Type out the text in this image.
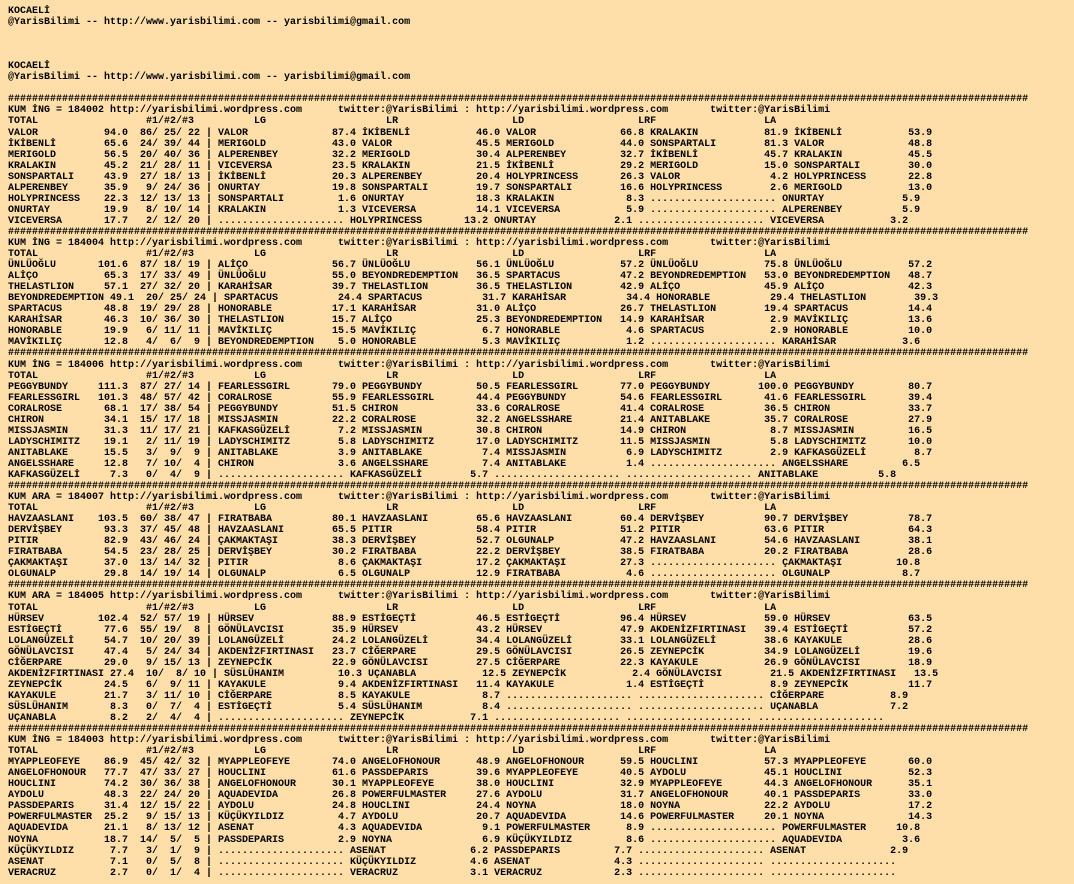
KOCAELİ
@YarisBilimi -- http://www.yarisbilimi.com -- yarisbilimi@gmail.com

KOCAELİ
@YarisBilimi -- http://www.yarisbilimi.com -- yarisbilimi@gmail.com

##########################################################################################################################################################################
KUM İNG = 184002 http://yarisbilimi.wordpress.com      twitter:@YarisBilimi : http://yarisbilimi.wordpress.com       twitter:@YarisBilimi
TOTAL                  #1/#2/#3          LG                    LR                   LD                   LRF                  LA
VALOR           94.0  86/ 25/ 22 | VALOR              87.4 İKİBENLİ           46.0 VALOR              66.8 KRALAKIN           81.9 İKİBENLİ           53.9
İKİBENLİ        65.6  24/ 39/ 44 | MERIGOLD           43.0 VALOR              45.5 MERIGOLD           44.0 SONSPARTALI        81.3 VALOR              48.8
MERIGOLD        56.5  20/ 40/ 36 | ALPERENBEY         32.2 MERIGOLD           30.4 ALPERENBEY         32.7 İKİBENLİ           45.7 KRALAKIN           45.5
KRALAKIN        45.2  21/ 28/ 11 | VICEVERSA          23.5 KRALAKIN           21.5 İKİBENLİ           29.2 MERIGOLD           15.0 SONSPARTALI        30.0
SONSPARTALI     43.9  27/ 18/ 13 | İKİBENLİ           20.3 ALPERENBEY         20.4 HOLYPRINCESS       26.3 VALOR               4.2 HOLYPRINCESS       22.8
ALPERENBEY      35.9   9/ 24/ 36 | ONURTAY            19.8 SONSPARTALI        19.7 SONSPARTALI        16.6 HOLYPRINCESS        2.6 MERIGOLD           13.0
HOLYPRINCESS    22.3  12/ 13/ 13 | SONSPARTALI         1.6 ONURTAY            18.3 KRALAKIN            8.3 ..................... ONURTAY             5.9
ONURTAY         19.9   8/ 10/ 14 | KRALAKIN            1.3 VICEVERSA          14.1 VICEVERSA           5.9 ..................... ALPERENBEY          5.9
VICEVERSA       17.7   2/ 12/ 20 | ..................... HOLYPRINCESS       13.2 ONURTAY             2.1 ..................... VICEVERSA           3.2
##########################################################################################################################################################################
KUM İNG = 184004 http://yarisbilimi.wordpress.com      twitter:@YarisBilimi : http://yarisbilimi.wordpress.com       twitter:@YarisBilimi
TOTAL                  #1/#2/#3          LG                    LR                   LD                   LRF                  LA
ÜNLÜOĞLU       101.6  87/ 18/ 19 | ALİÇO              56.7 ÜNLÜOĞLU           56.1 ÜNLÜOĞLU           57.2 ÜNLÜOĞLU           75.8 ÜNLÜOĞLU           57.2
ALİÇO           65.3  17/ 33/ 49 | ÜNLÜOĞLU           55.0 BEYONDREDEMPTION   36.5 SPARTACUS          47.2 BEYONDREDEMPTION   53.0 BEYONDREDEMPTION   48.7
THELASTLION     57.1  27/ 32/ 20 | KARAHİSAR          39.7 THELASTLION        36.5 THELASTLION        42.9 ALİÇO              45.9 ALİÇO              42.3
BEYONDREDEMPTION 49.1  20/ 25/ 24 | SPARTACUS          24.4 SPARTACUS          31.7 KARAHİSAR          34.4 HONORABLE          29.4 THELASTLION        39.3
SPARTACUS       48.8  19/ 29/ 28 | HONORABLE          17.1 KARAHİSAR          31.0 ALİÇO              26.7 THELASTLION        19.4 SPARTACUS          14.4
KARAHİSAR       46.3  10/ 36/ 30 | THELASTLION        15.7 ALİÇO              25.3 BEYONDREDEMPTION   14.9 KARAHİSAR           2.9 MAVİKILIÇ          13.6
HONORABLE       19.9   6/ 11/ 11 | MAVİKILIÇ          15.5 MAVİKILIÇ           6.7 HONORABLE           4.6 SPARTACUS           2.9 HONORABLE          10.0
MAVİKILIÇ       12.8   4/  6/  9 | BEYONDREDEMPTION    5.0 HONORABLE           5.3 MAVİKILIÇ           1.2 ..................... KARAHİSAR           3.6
##########################################################################################################################################################################
KUM İNG = 184006 http://yarisbilimi.wordpress.com      twitter:@YarisBilimi : http://yarisbilimi.wordpress.com       twitter:@YarisBilimi
TOTAL                  #1/#2/#3          LG                    LR                   LD                   LRF                  LA
PEGGYBUNDY     111.3  87/ 27/ 14 | FEARLESSGIRL       79.0 PEGGYBUNDY         50.5 FEARLESSGIRL       77.0 PEGGYBUNDY        100.0 PEGGYBUNDY         80.7
FEARLESSGIRL   101.3  48/ 57/ 42 | CORALROSE          55.9 FEARLESSGIRL       44.4 PEGGYBUNDY         54.6 FEARLESSGIRL       41.6 FEARLESSGIRL       39.4
CORALROSE       68.1  17/ 38/ 54 | PEGGYBUNDY         51.5 CHIRON             33.6 CORALROSE          41.4 CORALROSE          36.5 CHIRON             33.7
CHIRON          34.1  15/ 17/ 18 | MISSJASMIN         22.2 CORALROSE          32.2 ANGELSSHARE        21.4 ANITABLAKE         35.7 CORALROSE          27.9
MISSJASMIN      31.3  11/ 17/ 21 | KAFKASGÜZELİ        7.2 MISSJASMIN         30.8 CHIRON             14.9 CHIRON              8.7 MISSJASMIN         16.5
LADYSCHIMITZ    19.1   2/ 11/ 19 | LADYSCHIMITZ        5.8 LADYSCHIMITZ       17.0 LADYSCHIMITZ       11.5 MISSJASMIN          5.8 LADYSCHIMITZ       10.0
ANITABLAKE      15.5   3/  9/  9 | ANITABLAKE          3.9 ANITABLAKE          7.4 MISSJASMIN          6.9 LADYSCHIMITZ        2.9 KAFKASGÜZELİ        8.7
ANGELSSHARE     12.8   7/ 10/  4 | CHIRON              3.6 ANGELSSHARE         7.4 ANITABLAKE          1.4 ..................... ANGELSSHARE         6.5
KAFKASGÜZELİ     7.3   0/  4/  9 | ..................... KAFKASGÜZELİ        5.7 ..................... ..................... ANITABLAKE          5.8
##########################################################################################################################################################################
KUM ARA = 184007 http://yarisbilimi.wordpress.com      twitter:@YarisBilimi : http://yarisbilimi.wordpress.com       twitter:@YarisBilimi
TOTAL                  #1/#2/#3          LG                    LR                   LD                   LRF                  LA
HAVZAASLANI    103.5  60/ 38/ 47 | FIRATBABA          80.1 HAVZAASLANI        65.6 HAVZAASLANI        60.4 DERVİŞBEY          90.7 DERVİŞBEY          78.7
DERVİŞBEY       93.3  37/ 45/ 48 | HAVZAASLANI        65.5 PITIR              58.4 PITIR              51.2 PITIR              63.6 PITIR              64.3
PITIR           82.9  43/ 46/ 24 | ÇAKMAKTAŞI         38.3 DERVİŞBEY          52.7 OLGUNALP           47.2 HAVZAASLANI        54.6 HAVZAASLANI        38.1
FIRATBABA       54.5  23/ 28/ 25 | DERVİŞBEY          30.2 FIRATBABA          22.2 DERVİŞBEY          38.5 FIRATBABA          20.2 FIRATBABA          28.6
ÇAKMAKTAŞI      37.0  13/ 14/ 32 | PITIR               8.6 ÇAKMAKTAŞI         17.2 ÇAKMAKTAŞI         27.3 ..................... ÇAKMAKTAŞI         10.8
OLGUNALP        29.8  14/ 19/ 14 | OLGUNALP            6.5 OLGUNALP           12.9 FIRATBABA           4.6 ..................... OLGUNALP            8.7
##########################################################################################################################################################################
KUM ARA = 184005 http://yarisbilimi.wordpress.com      twitter:@YarisBilimi : http://yarisbilimi.wordpress.com       twitter:@YarisBilimi
TOTAL                  #1/#2/#3          LG                    LR                   LD                   LRF                  LA
HÜRSEV         102.4  52/ 57/ 19 | HÜRSEV             88.9 ESTİGEÇTİ          46.5 ESTİGEÇTİ          96.4 HÜRSEV             59.0 HÜRSEV             63.5
ESTİGEÇTİ       77.6  55/ 19/  8 | GÖNÜLAVCISI        35.9 HÜRSEV             43.2 HÜRSEV             47.9 AKDENİZFIRTINASI   39.4 ESTİGEÇTİ          57.2
LOLANGÜZELİ     54.7  10/ 20/ 39 | LOLANGÜZELİ        24.2 LOLANGÜZELİ        34.4 LOLANGÜZELİ        33.1 LOLANGÜZELİ        38.6 KAYAKULE           28.6
GÖNÜLAVCISI     47.4   5/ 24/ 34 | AKDENİZFIRTINASI   23.7 CİĞERPARE          29.5 GÖNÜLAVCISI        26.5 ZEYNEPCİK          34.9 LOLANGÜZELİ        19.6
CİĞERPARE       29.0   9/ 15/ 13 | ZEYNEPCİK          22.9 GÖNÜLAVCISI        27.5 CİĞERPARE          22.3 KAYAKULE           26.9 GÖNÜLAVCISI        18.9
AKDENİZFIRTINASI 27.4  10/  8/ 10 | SÜSLÜHANIM         10.3 UÇANABLA           12.5 ZEYNEPCİK           2.4 GÖNÜLAVCISI        21.5 AKDENİZFIRTINASI   13.5
ZEYNEPCİK       24.5   6/  9/ 11 | KAYAKULE            9.4 AKDENİZFIRTINASI   11.4 KAYAKULE            1.4 ESTİGEÇTİ           8.9 ZEYNEPCİK          11.7
KAYAKULE        21.7   3/ 11/ 10 | CİĞERPARE           8.5 KAYAKULE            8.7 ..................... ..................... CİĞERPARE           8.9
SÜSLÜHANIM       8.3   0/  7/  4 | ESTİGEÇTİ           5.4 SÜSLÜHANIM          8.4 ..................... ..................... UÇANABLA            7.2
UÇANABLA         8.2   2/  4/  4 | ..................... ZEYNEPCİK           7.1 ..................... ..................... .....................
##########################################################################################################################################################################
KUM İNG = 184003 http://yarisbilimi.wordpress.com      twitter:@YarisBilimi : http://yarisbilimi.wordpress.com       twitter:@YarisBilimi
TOTAL                  #1/#2/#3          LG                    LR                   LD                   LRF                  LA
MYAPPLEOFEYE    86.9  45/ 42/ 32 | MYAPPLEOFEYE       74.0 ANGELOFHONOUR      48.9 ANGELOFHONOUR      59.5 HOUCLINI           57.3 MYAPPLEOFEYE       60.0
ANGELOFHONOUR   77.7  47/ 33/ 27 | HOUCLINI           61.6 PASSDEPARIS        39.6 MYAPPLEOFEYE       40.5 AYDOLU             45.1 HOUCLINI           52.3
HOUCLINI        74.2  30/ 36/ 38 | ANGELOFHONOUR      30.1 MYAPPLEOFEYE       38.0 HOUCLINI           32.9 MYAPPLEOFEYE       44.3 ANGELOFHONOUR      35.1
AYDOLU          48.3  22/ 24/ 20 | AQUADEVIDA         26.8 POWERFULMASTER     27.6 AYDOLU             31.7 ANGELOFHONOUR      40.1 PASSDEPARIS        33.0
PASSDEPARIS     31.4  12/ 15/ 22 | AYDOLU             24.8 HOUCLINI           24.4 NOYNA              18.0 NOYNA              22.2 AYDOLU             17.2
POWERFULMASTER  25.2   9/ 15/ 13 | KÜÇÜKYILDIZ         4.7 AYDOLU             20.7 AQUADEVIDA         14.6 POWERFULMASTER     20.1 NOYNA              14.3
AQUADEVIDA      21.1   8/ 13/ 12 | ASENAT              4.3 AQUADEVIDA          9.1 POWERFULMASTER      8.9 ..................... POWERFULMASTER     10.8
NOYNA           18.7  14/  5/  5 | PASSDEPARIS         2.9 NOYNA               6.9 KÜÇÜKYILDIZ         8.6 ..................... AQUADEVIDA          3.6
KÜÇÜKYILDIZ      7.7   3/  1/  9 | ..................... ASENAT              6.2 PASSDEPARIS         7.7 ..................... ASENAT              2.9
ASENAT           7.1   0/  5/  8 | ..................... KÜÇÜKYILDIZ         4.6 ASENAT              4.3 ..................... .....................
VERACRUZ         2.7   0/  1/  4 | ..................... VERACRUZ            3.1 VERACRUZ            2.3 ..................... .....................
